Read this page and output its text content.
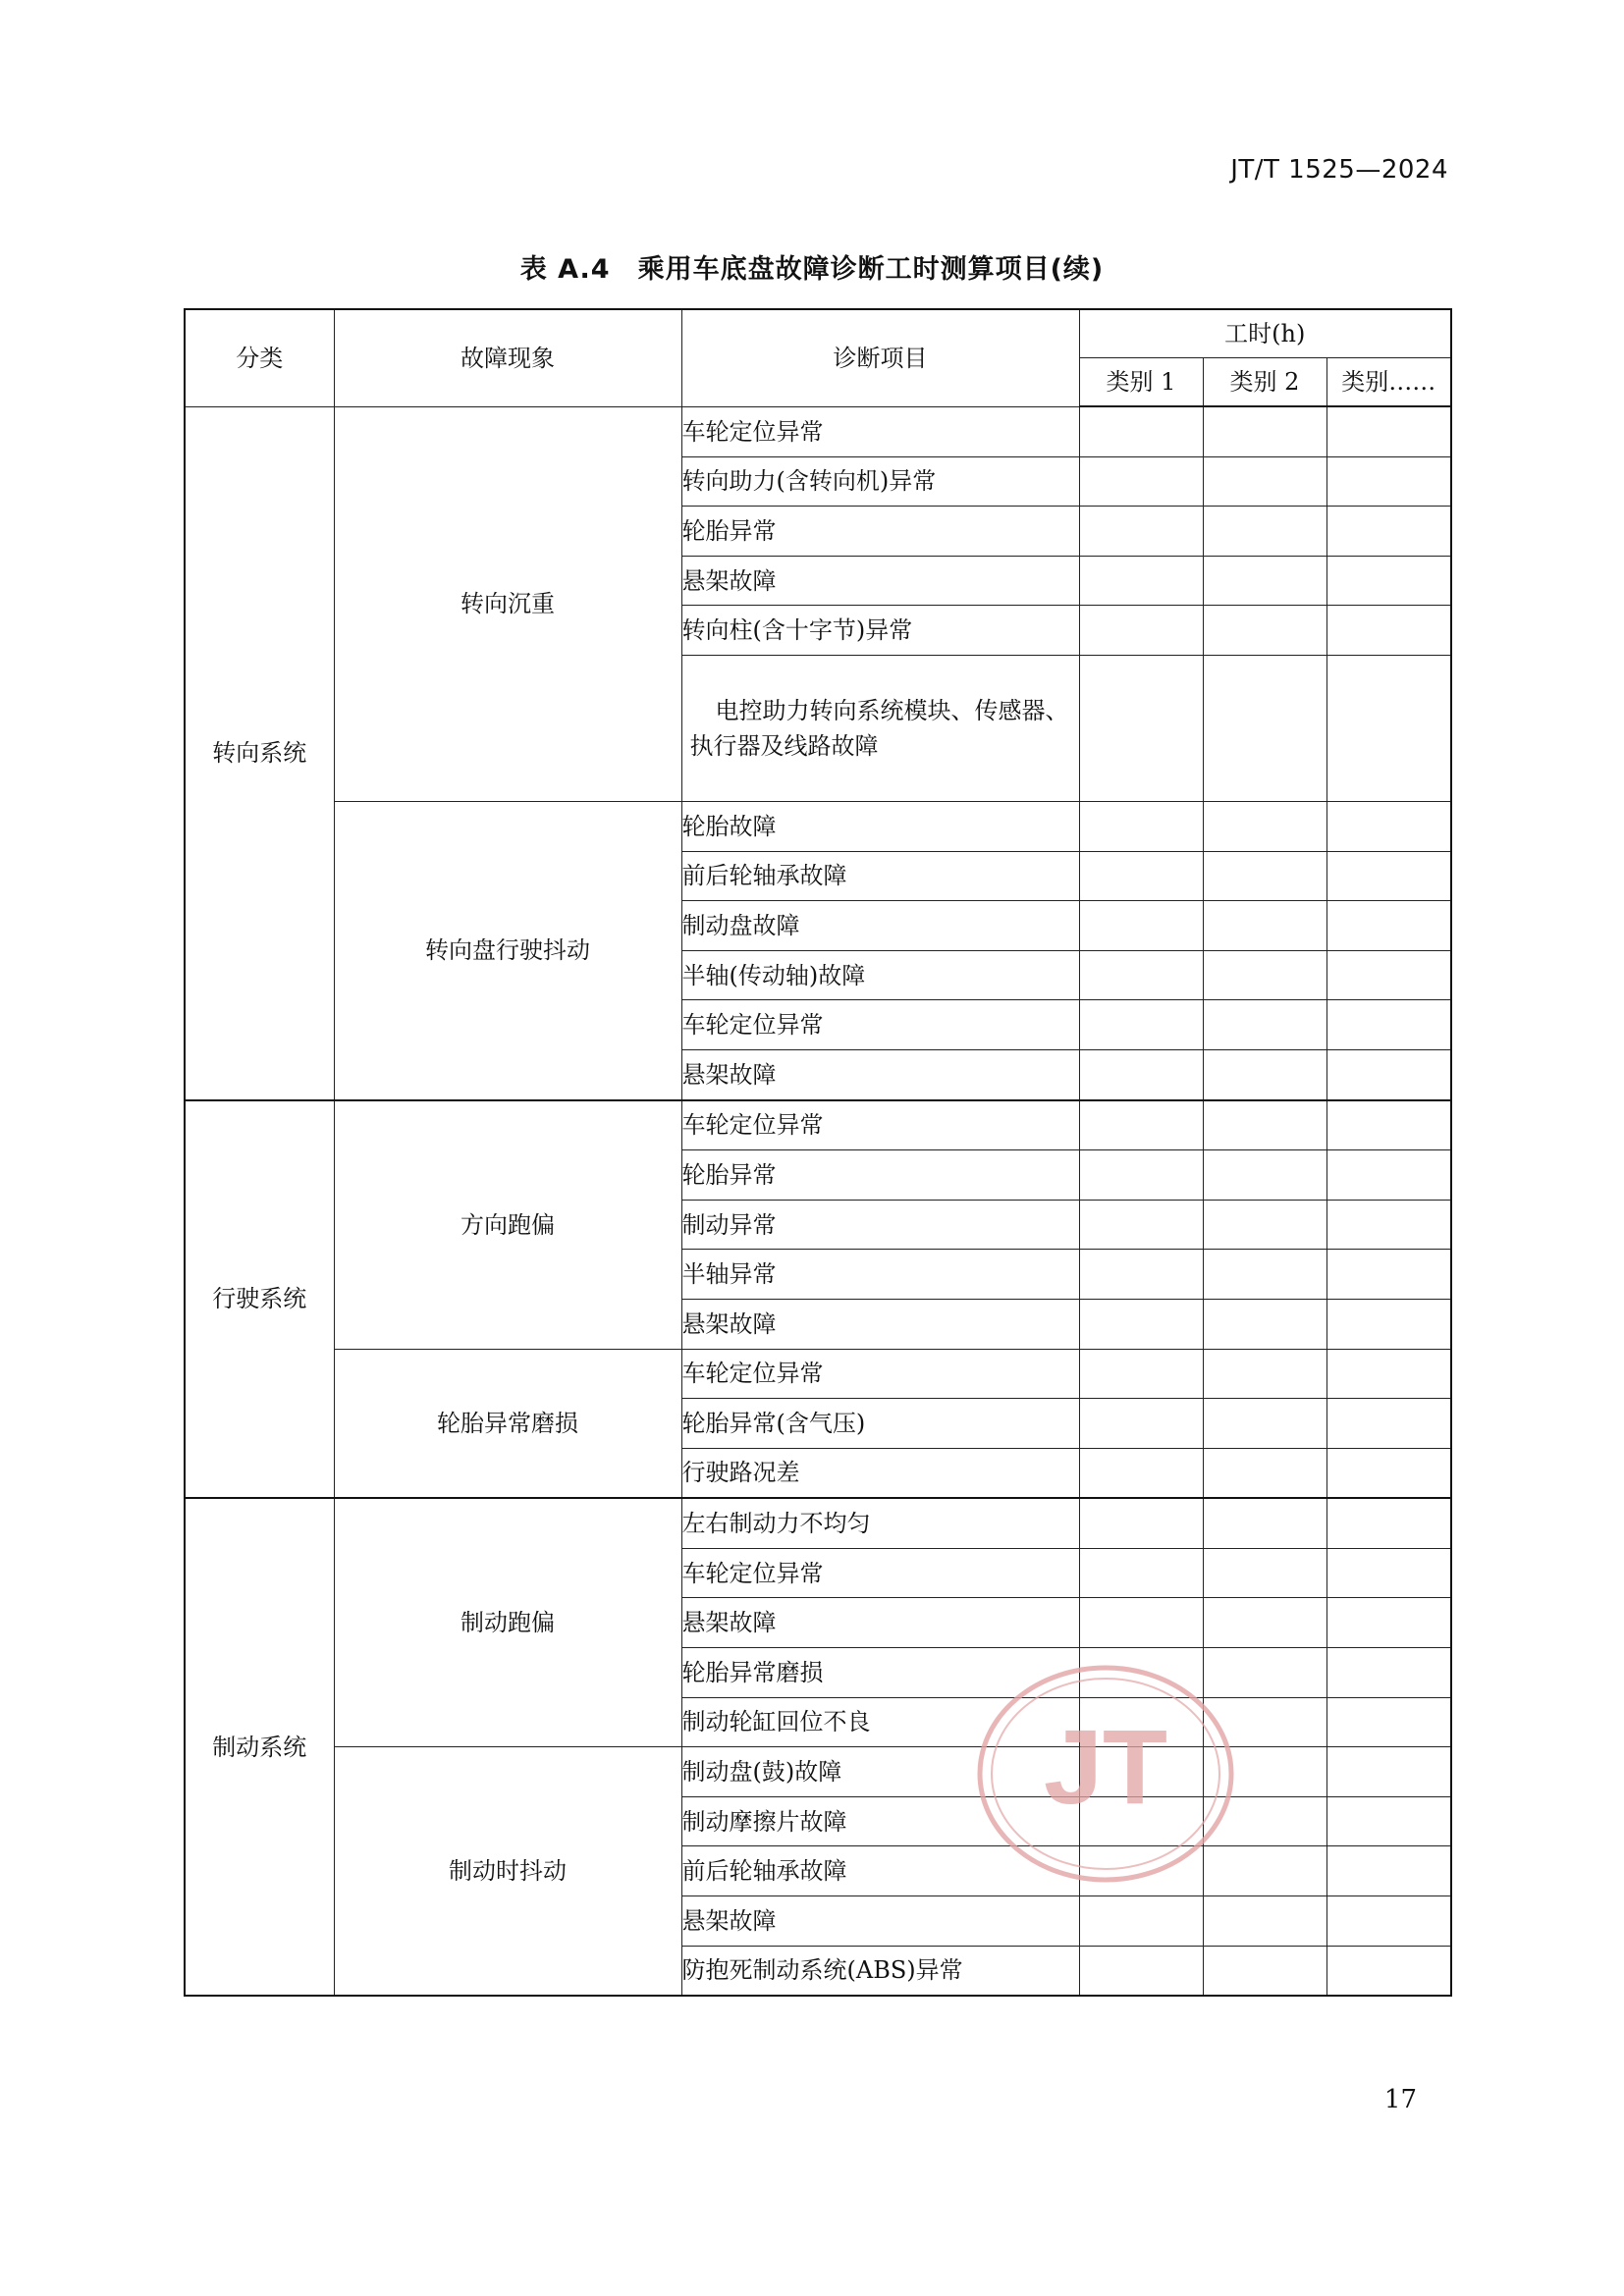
JT/T 1525—2024
表 A.4　乘用车底盘故障诊断工时测算项目(续)
分类	故障现象	诊断项目	工时(h)		
			类别 1	类别 2	类别……
转向系统	转向沉重	车轮定位异常			
		转向助力(含转向机)异常			
		轮胎异常			
		悬架故障			
		转向柱(含十字节)异常			
		电控助力转向系统模块、传感器、执行器及线路故障			
	转向盘行驶抖动	轮胎故障			
		前后轮轴承故障			
		制动盘故障			
		半轴(传动轴)故障			
		车轮定位异常			
		悬架故障			
行驶系统	方向跑偏	车轮定位异常			
		轮胎异常			
		制动异常			
		半轴异常			
		悬架故障			
	轮胎异常磨损	车轮定位异常			
		轮胎异常(含气压)			
		行驶路况差			
制动系统	制动跑偏	左右制动力不均匀			
		车轮定位异常			
		悬架故障			
		轮胎异常磨损			
		制动轮缸回位不良			
	制动时抖动	制动盘(鼓)故障			
		制动摩擦片故障			
		前后轮轴承故障			
		悬架故障			
		防抱死制动系统(ABS)异常			
JT
17
